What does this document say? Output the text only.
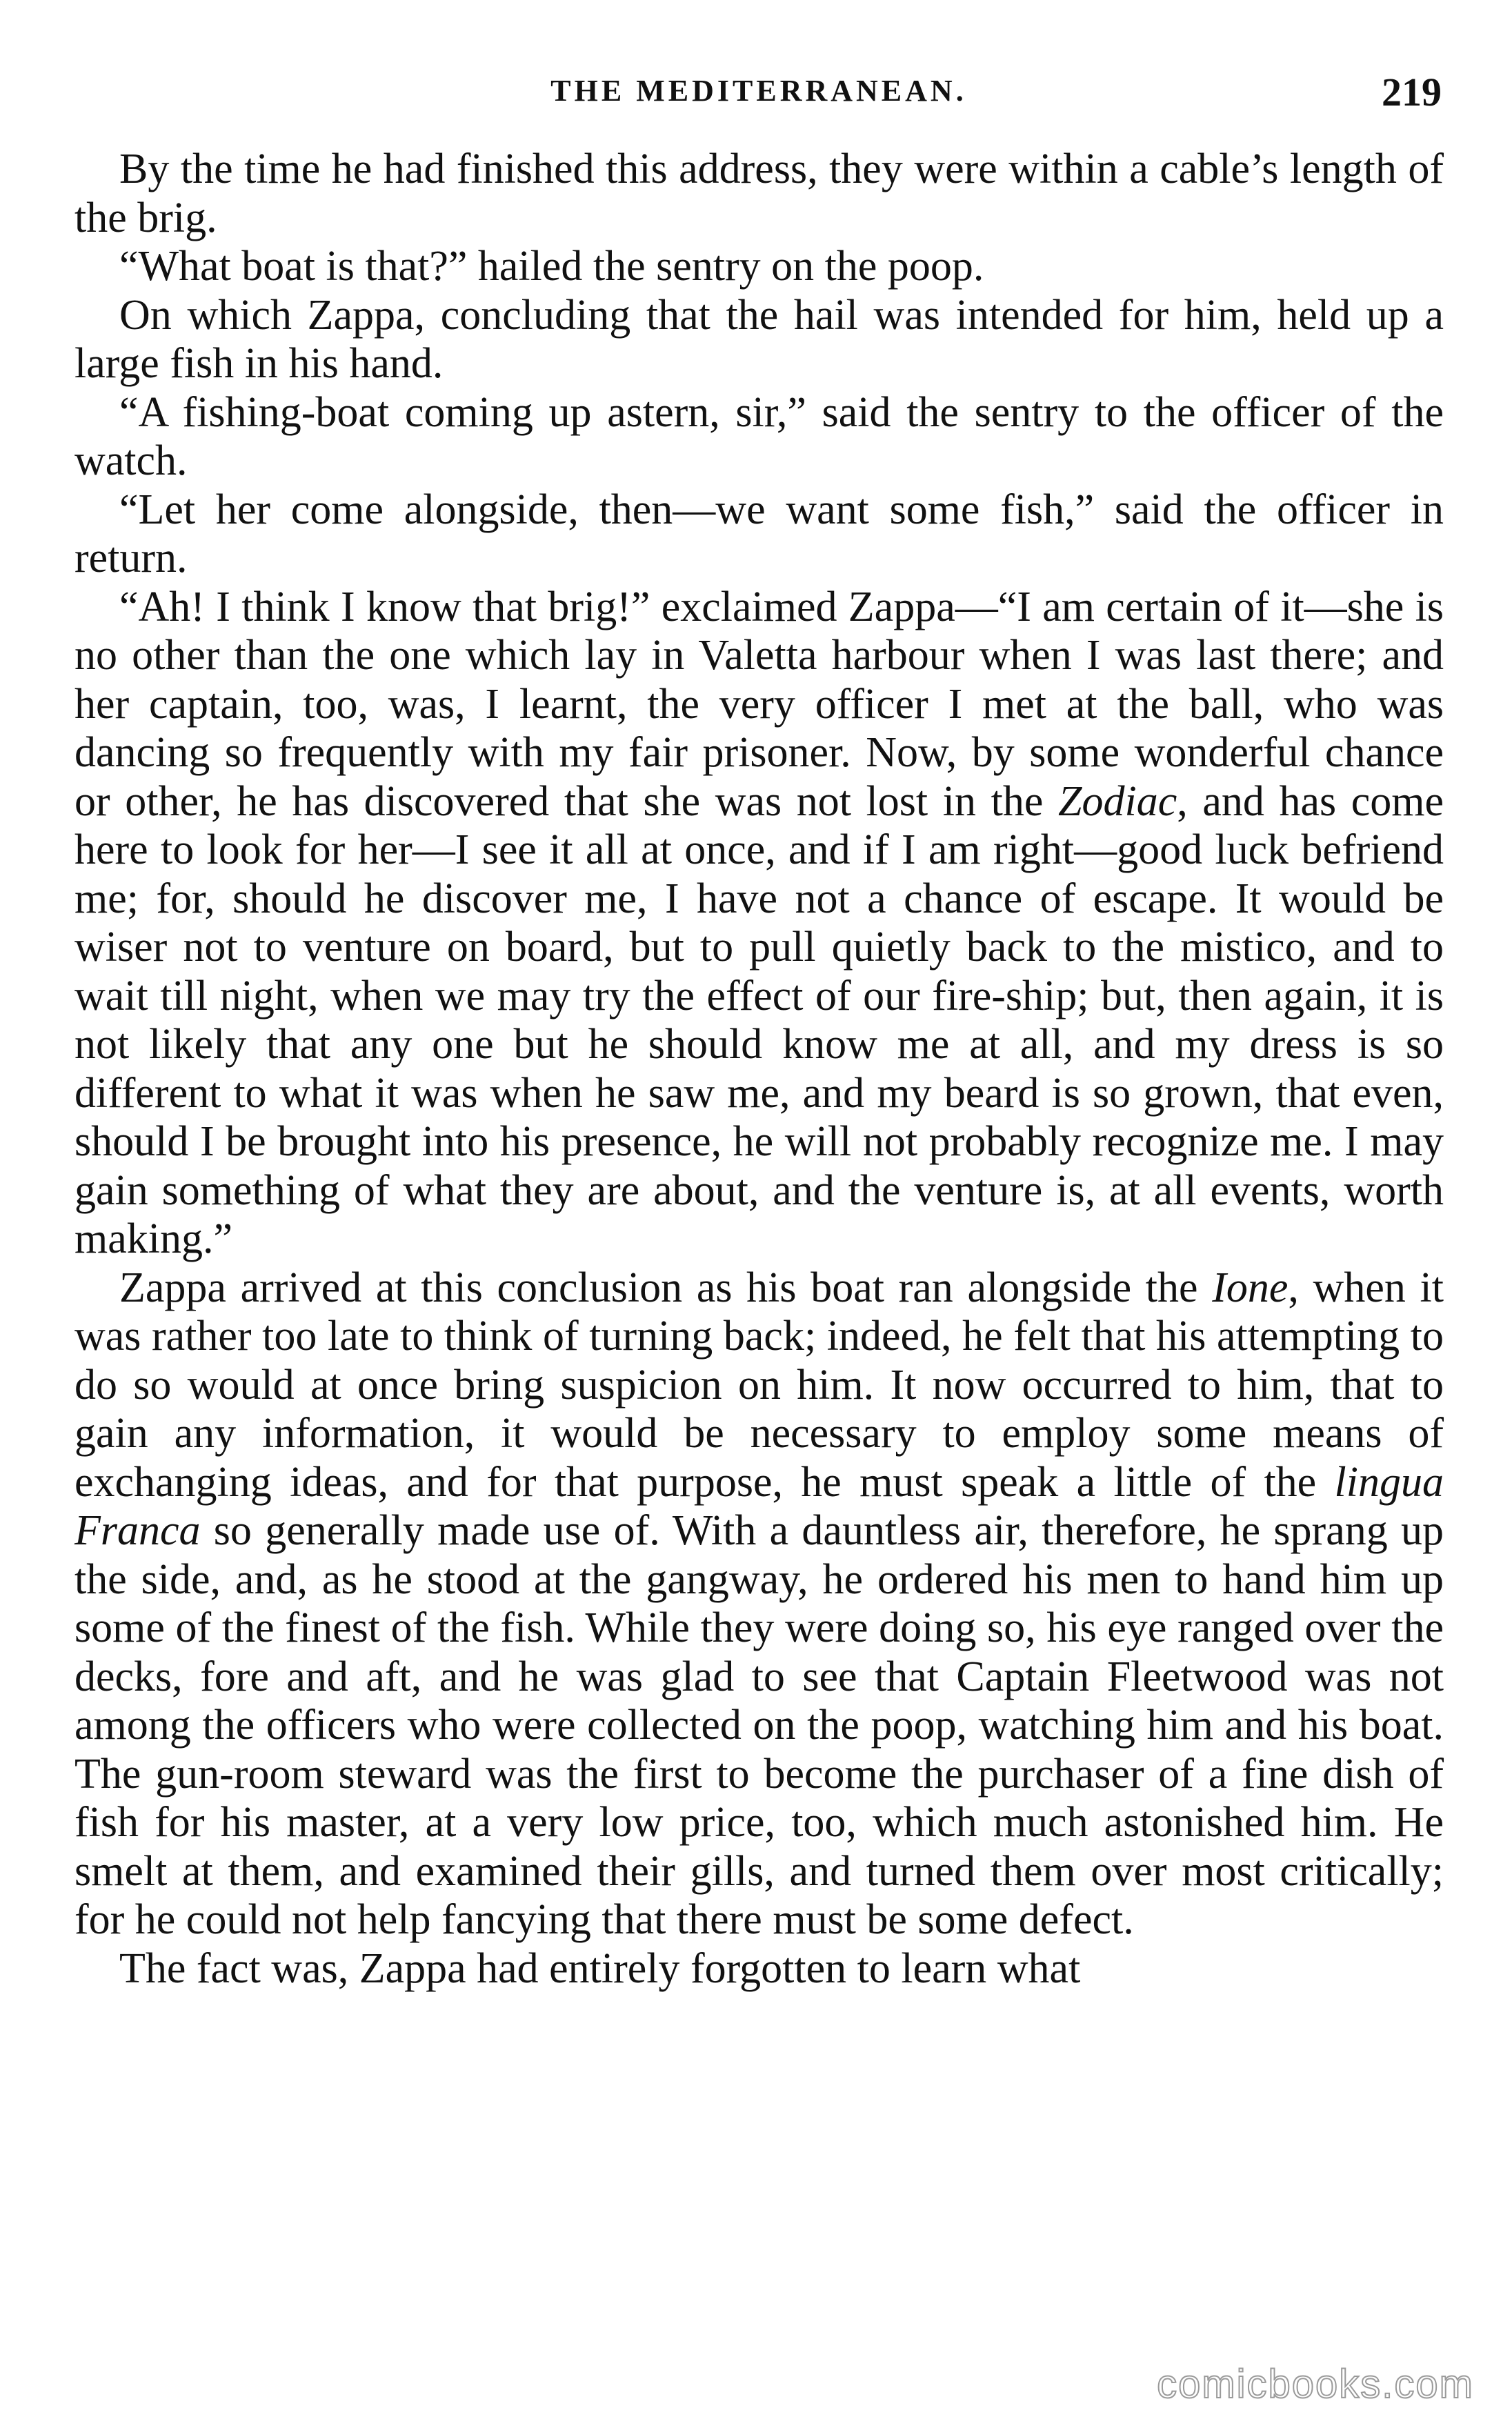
THE MEDITERRANEAN.	219

By the time he had finished this address, they were within a cable’s length of the brig.

“What boat is that?” hailed the sentry on the poop.

On which Zappa, concluding that the hail was intended for him, held up a large fish in his hand.

“A fishing-boat coming up astern, sir,” said the sentry to the officer of the watch.

“Let her come alongside, then—we want some fish,” said the officer in return.

“Ah! I think I know that brig!” exclaimed Zappa—“I am certain of it—she is no other than the one which lay in Valetta harbour when I was last there; and her captain, too, was, I learnt, the very officer I met at the ball, who was dancing so frequently with my fair prisoner. Now, by some wonderful chance or other, he has discovered that she was not lost in the Zodiac, and has come here to look for her—I see it all at once, and if I am right—good luck befriend me; for, should he discover me, I have not a chance of escape. It would be wiser not to venture on board, but to pull quietly back to the mistico, and to wait till night, when we may try the effect of our fire-ship; but, then again, it is not likely that any one but he should know me at all, and my dress is so different to what it was when he saw me, and my beard is so grown, that even, should I be brought into his presence, he will not probably recognize me. I may gain something of what they are about, and the venture is, at all events, worth making.”

Zappa arrived at this conclusion as his boat ran alongside the Ione, when it was rather too late to think of turning back; indeed, he felt that his attempting to do so would at once bring suspicion on him. It now occurred to him, that to gain any information, it would be necessary to employ some means of exchanging ideas, and for that purpose, he must speak a little of the lingua Franca so generally made use of. With a dauntless air, therefore, he sprang up the side, and, as he stood at the gangway, he ordered his men to hand him up some of the finest of the fish. While they were doing so, his eye ranged over the decks, fore and aft, and he was glad to see that Captain Fleetwood was not among the officers who were collected on the poop, watching him and his boat. The gun-room steward was the first to become the purchaser of a fine dish of fish for his master, at a very low price, too, which much astonished him. He smelt at them, and examined their gills, and turned them over most critically; for he could not help fancying that there must be some defect.

The fact was, Zappa had entirely forgotten to learn what

comicbooks.com
